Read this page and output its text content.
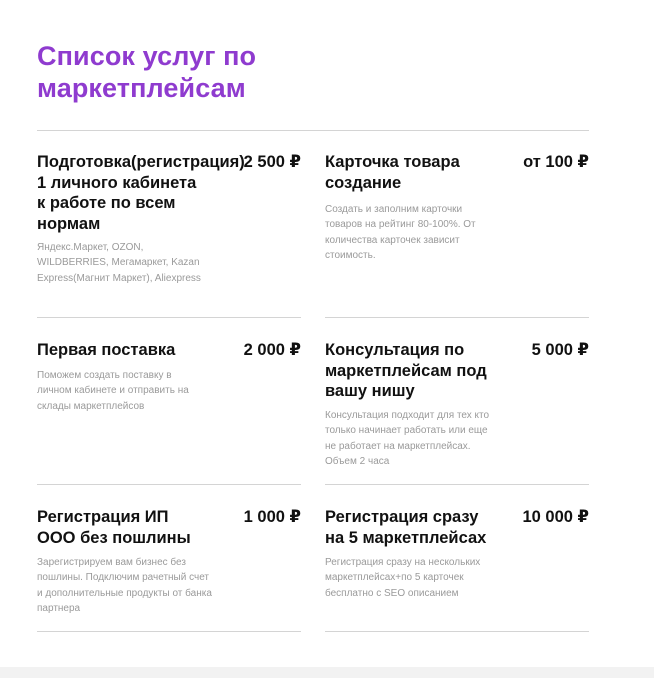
Список услуг по маркетплейсам
Подготовка(регистрация) 1 личного кабинета к работе по всем нормам
2 500 ₽
Яндекс.Маркет, OZON, WILDBERRIES, Мегамаркет, Kazan Express(Магнит Маркет), Aliexpress
Карточка товара создание
от 100 ₽
Создать и заполним карточки товаров на рейтинг 80-100%. От количества карточек зависит стоимость.
Первая поставка	2 000 ₽
Поможем создать поставку в личном кабинете и отправить на склады маркетплейсов
Консультация по маркетплейсам под вашу нишу
5 000 ₽
Консультация подходит для тех кто только начинает работать или еще не работает на маркетплейсах. Объем 2 часа
Регистрация ИП ООО без пошлины
1 000 ₽
Зарегистрируем вам бизнес без пошлины. Подключим рачетный счет и дополнительные продукты от банка партнера
Регистрация сразу на 5 маркетплейсах
10 000 ₽
Регистрация сразу на нескольких маркетплейсах+по 5 карточек бесплатно с SEO описанием
